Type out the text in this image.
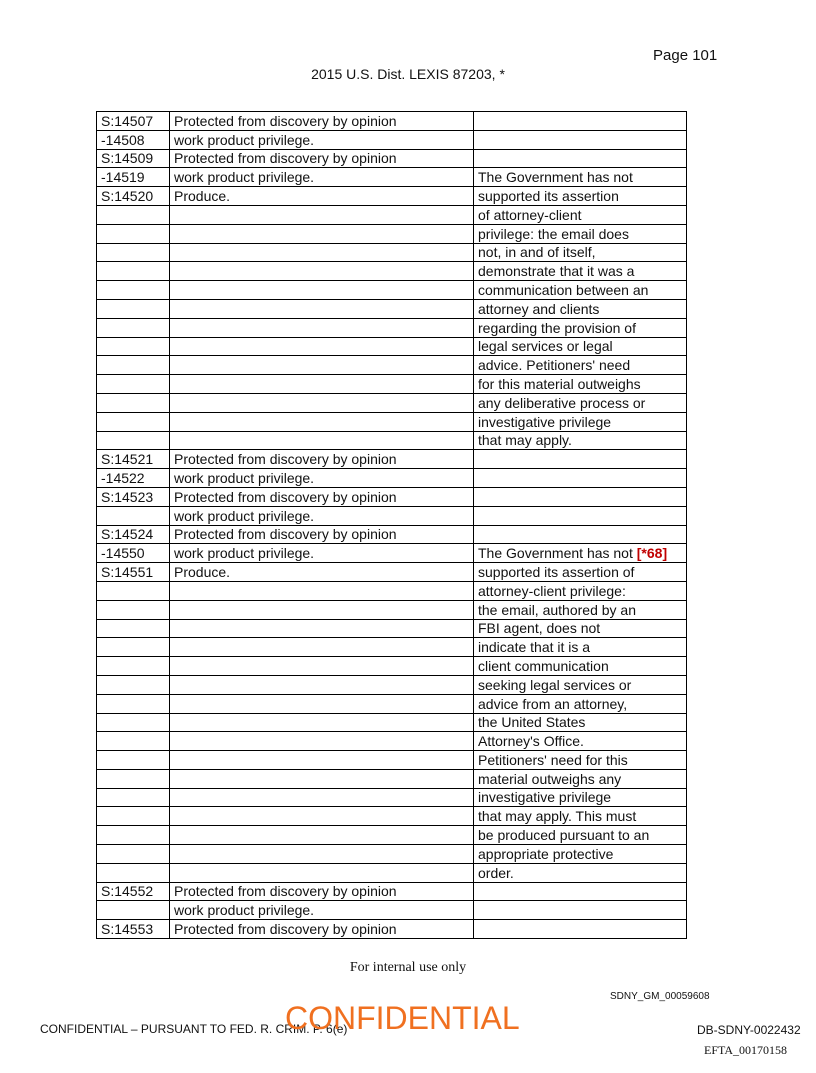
Page 101
2015 U.S. Dist. LEXIS 87203, *
S:14507	Protected from discovery by opinion	
-14508	work product privilege.	
S:14509	Protected from discovery by opinion	
-14519	work product privilege.	The Government has not
S:14520	Produce.	supported its assertion
		of attorney-client
		privilege: the email does
		not, in and of itself,
		demonstrate that it was a
		communication between an
		attorney and clients
		regarding the provision of
		legal services or legal
		advice. Petitioners' need
		for this material outweighs
		any deliberative process or
		investigative privilege
		that may apply.
S:14521	Protected from discovery by opinion	
-14522	work product privilege.	
S:14523	Protected from discovery by opinion	
	work product privilege.	
S:14524	Protected from discovery by opinion	
-14550	work product privilege.	The Government has not [*68]
S:14551	Produce.	supported its assertion of
		attorney-client privilege:
		the email, authored by an
		FBI agent, does not
		indicate that it is a
		client communication
		seeking legal services or
		advice from an attorney,
		the United States
		Attorney's Office.
		Petitioners' need for this
		material outweighs any
		investigative privilege
		that may apply. This must
		be produced pursuant to an
		appropriate protective
		order.
S:14552	Protected from discovery by opinion	
	work product privilege.	
S:14553	Protected from discovery by opinion	
For internal use only
SDNY_GM_00059608
CONFIDENTIAL – PURSUANT TO FED. R. CRIM. P. 6(e)
CONFIDENTIAL	DB-SDNY-0022432
EFTA_00170158
